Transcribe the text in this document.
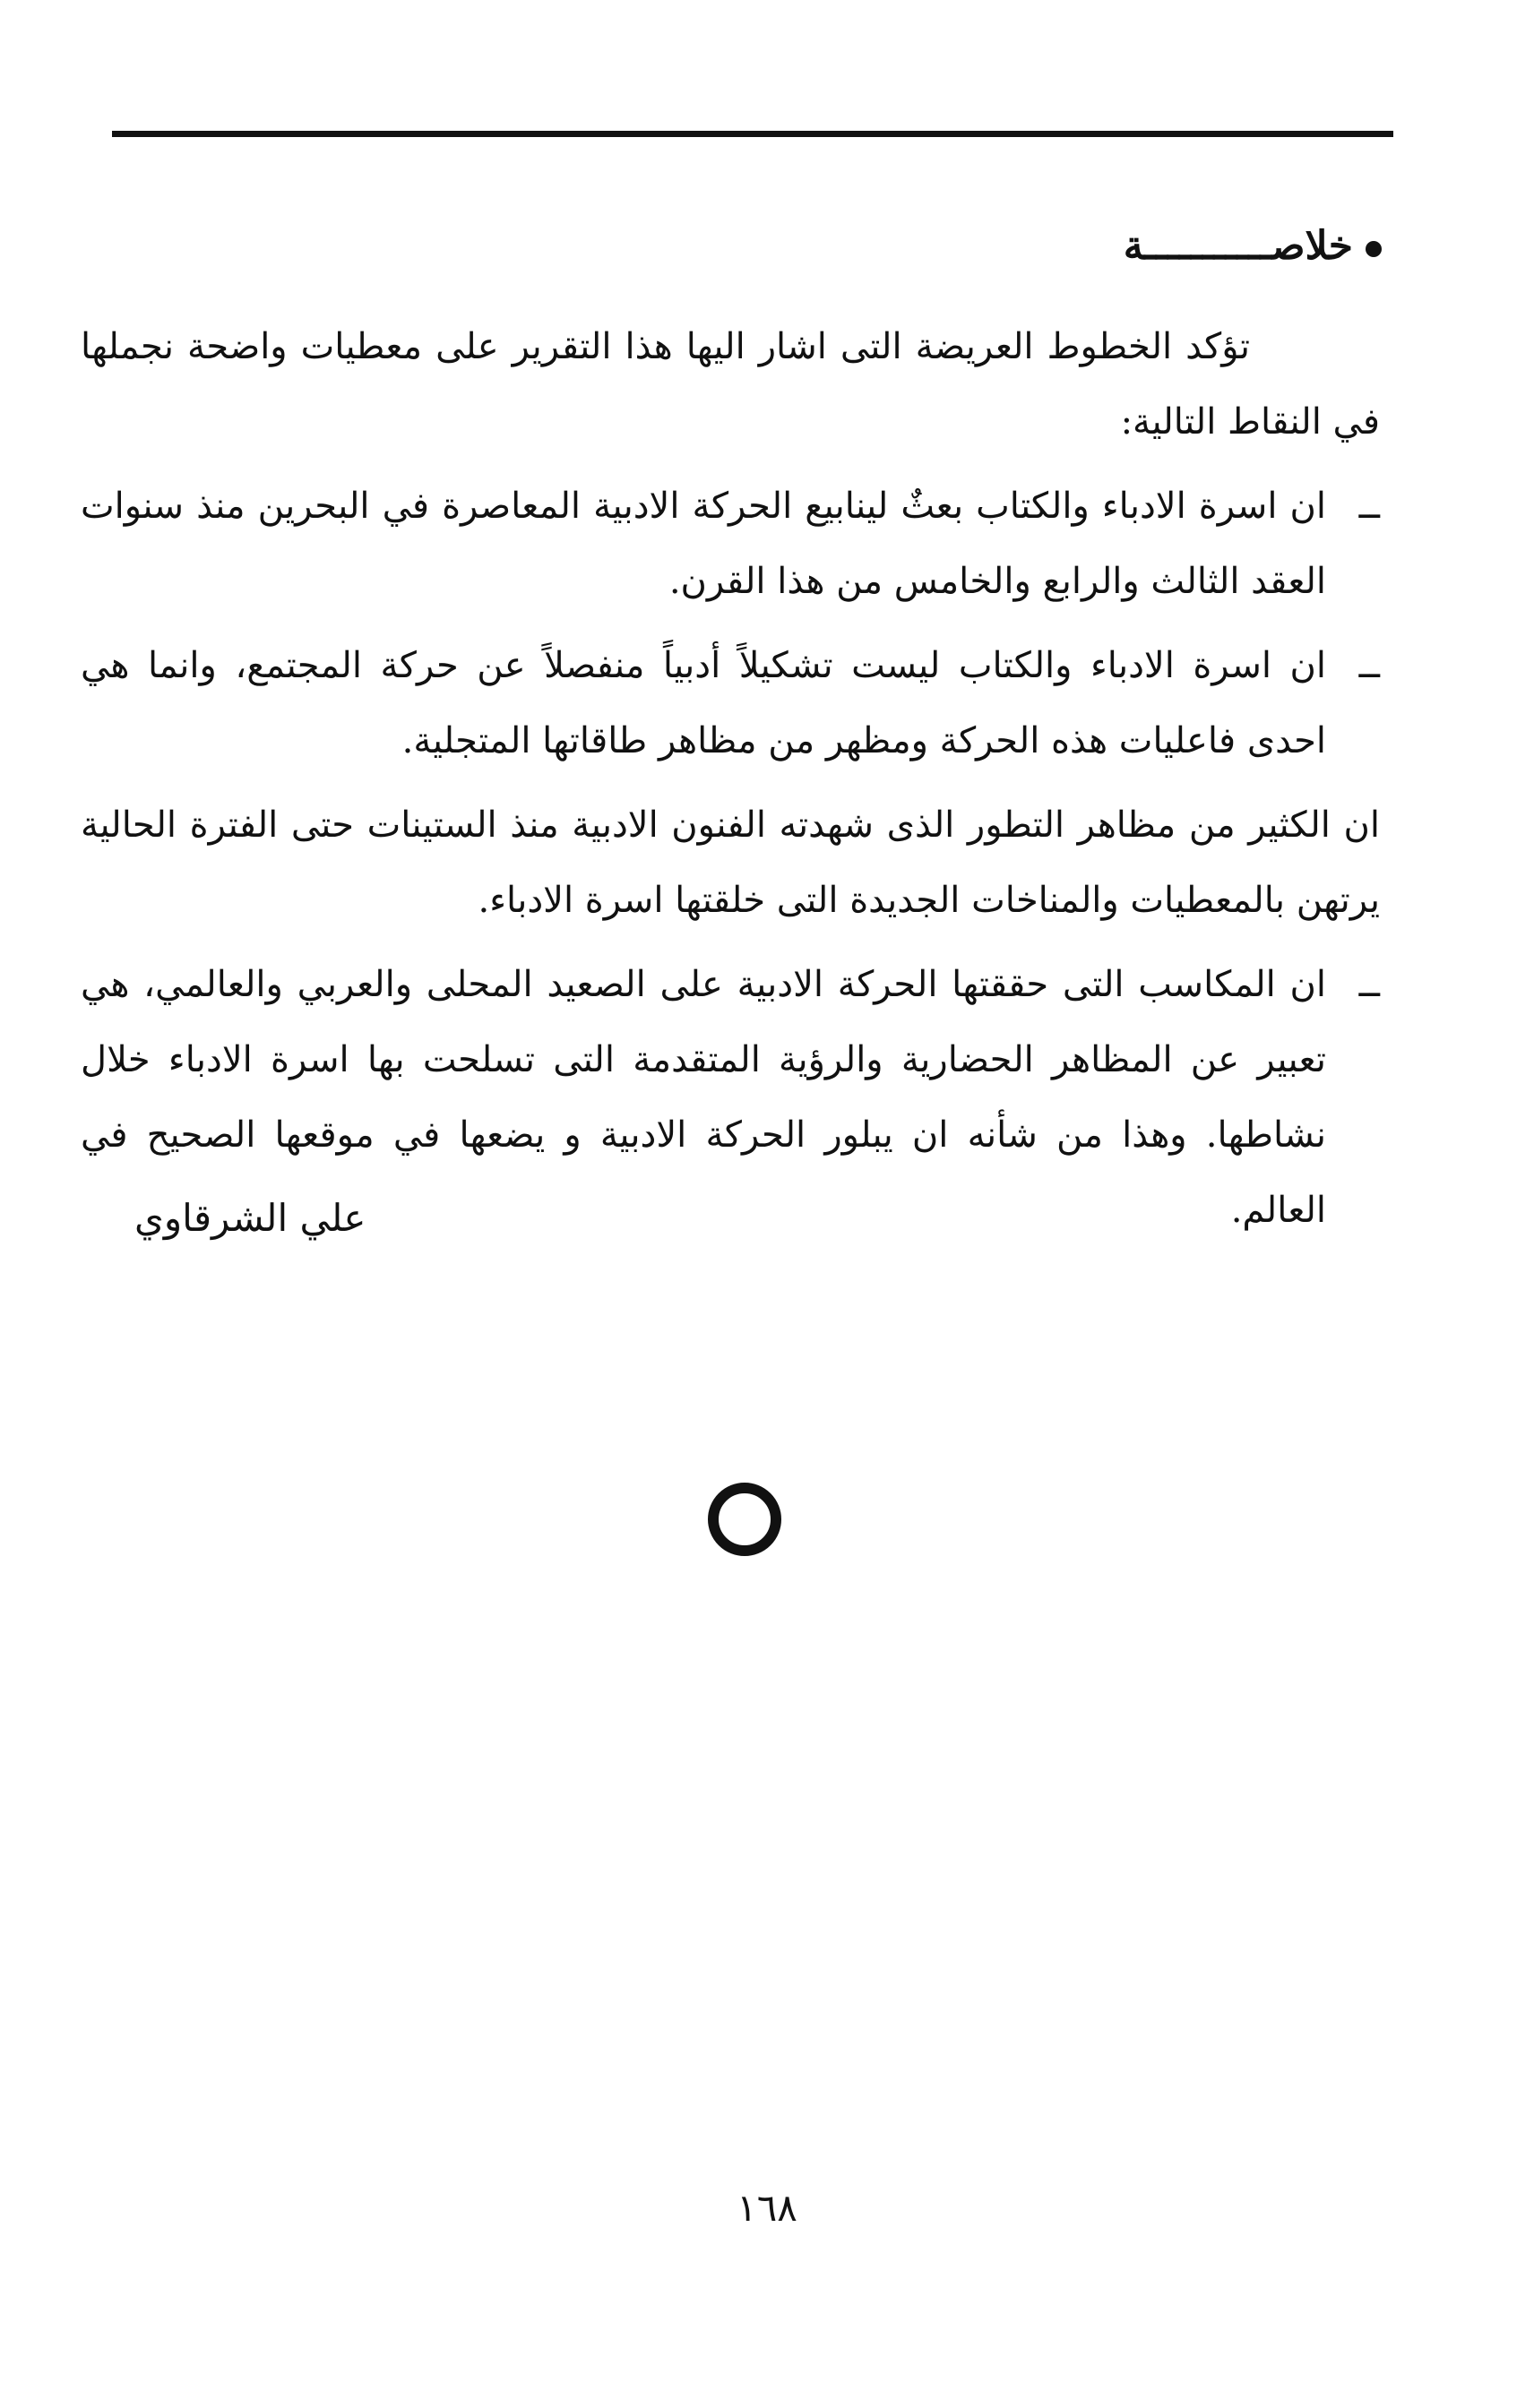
خلاصـــــــــــة

تؤكد الخطوط العريضة التى اشار اليها هذا التقرير على معطيات واضحة نجملها في النقاط التالية:

ــ
ان اسرة الادباء والكتاب بعثٌ لينابيع الحركة الادبية المعاصرة في البحرين منذ سنوات العقد الثالث والرابع والخامس من هذا القرن.

ــ
ان اسرة الادباء والكتاب ليست تشكيلاً أدبياً منفصلاً عن حركة المجتمع، وانما هي احدى فاعليات هذه الحركة ومظهر من مظاهر طاقاتها المتجلية.

ان الكثير من مظاهر التطور الذى شهدته الفنون الادبية منذ الستينات حتى الفترة الحالية يرتهن بالمعطيات والمناخات الجديدة التى خلقتها اسرة الادباء.

ــ
ان المكاسب التى حققتها الحركة الادبية على الصعيد المحلى والعربي والعالمي، هي تعبير عن المظاهر الحضارية والرؤية المتقدمة التى تسلحت بها اسرة الادباء خلال نشاطها. وهذا من شأنه ان يبلور الحركة الادبية و يضعها في موقعها الصحيح في العالم.

علي الشرقاوي
١٦٨
